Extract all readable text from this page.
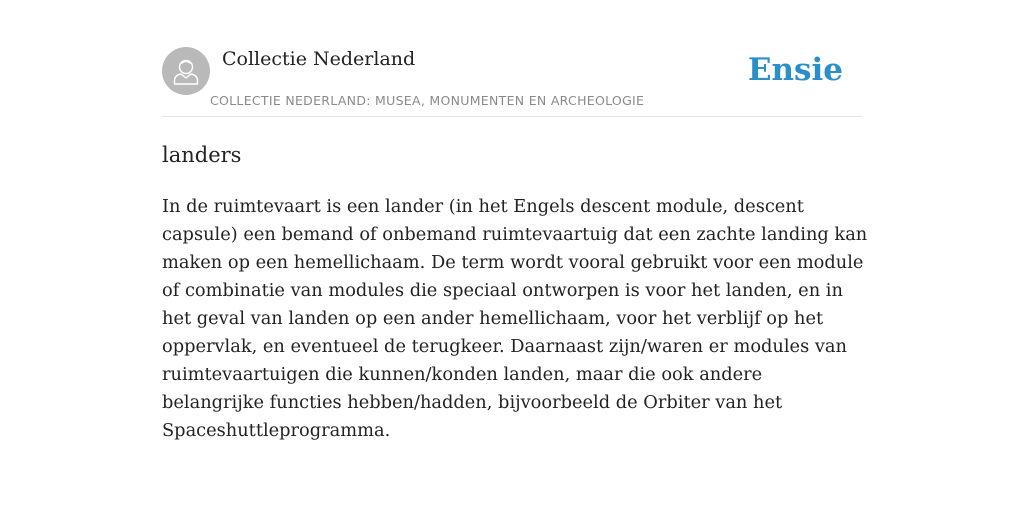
Collectie Nederland
COLLECTIE NEDERLAND: MUSEA, MONUMENTEN EN ARCHEOLOGIE
Ensie
landers

In de ruimtevaart is een lander (in het Engels descent module, descent capsule) een bemand of onbemand ruimtevaartuig dat een zachte landing kan maken op een hemellichaam. De term wordt vooral gebruikt voor een module of combinatie van modules die speciaal ontworpen is voor het landen, en in het geval van landen op een ander hemellichaam, voor het verblijf op het oppervlak, en eventueel de terugkeer. Daarnaast zijn/waren er modules van ruimtevaartuigen die kunnen/konden landen, maar die ook andere belangrijke functies hebben/hadden, bijvoorbeeld de Orbiter van het Spaceshuttleprogramma.
